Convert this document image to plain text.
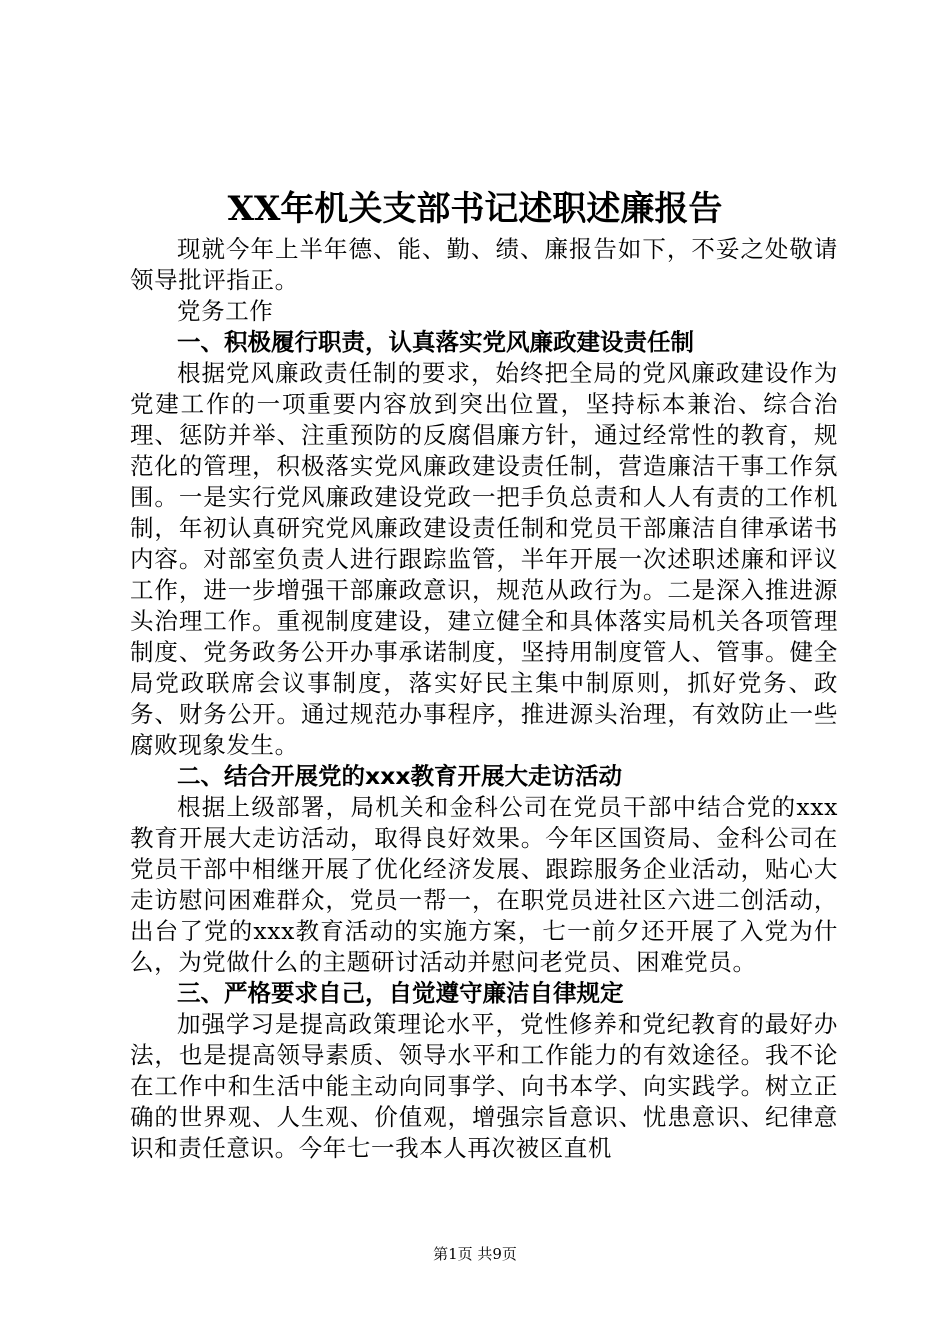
XX年机关支部书记述职述廉报告

现就今年上半年德、能、勤、绩、廉报告如下，不妥之处敬请领导批评指正。

党务工作

一、积极履行职责，认真落实党风廉政建设责任制

根据党风廉政责任制的要求，始终把全局的党风廉政建设作为党建工作的一项重要内容放到突出位置，坚持标本兼治、综合治理、惩防并举、注重预防的反腐倡廉方针，通过经常性的教育，规范化的管理，积极落实党风廉政建设责任制，营造廉洁干事工作氛围。一是实行党风廉政建设党政一把手负总责和人人有责的工作机制，年初认真研究党风廉政建设责任制和党员干部廉洁自律承诺书内容。对部室负责人进行跟踪监管，半年开展一次述职述廉和评议工作，进一步增强干部廉政意识，规范从政行为。二是深入推进源头治理工作。重视制度建设，建立健全和具体落实局机关各项管理制度、党务政务公开办事承诺制度，坚持用制度管人、管事。健全局党政联席会议事制度，落实好民主集中制原则，抓好党务、政务、财务公开。通过规范办事程序，推进源头治理，有效防止一些腐败现象发生。

二、结合开展党的xxx教育开展大走访活动

根据上级部署，局机关和金科公司在党员干部中结合党的xxx教育开展大走访活动，取得良好效果。今年区国资局、金科公司在党员干部中相继开展了优化经济发展、跟踪服务企业活动，贴心大走访慰问困难群众，党员一帮一，在职党员进社区六进二创活动，出台了党的xxx教育活动的实施方案，七一前夕还开展了入党为什么，为党做什么的主题研讨活动并慰问老党员、困难党员。

三、严格要求自己，自觉遵守廉洁自律规定

加强学习是提高政策理论水平，党性修养和党纪教育的最好办法，也是提高领导素质、领导水平和工作能力的有效途径。我不论在工作中和生活中能主动向同事学、向书本学、向实践学。树立正确的世界观、人生观、价值观，增强宗旨意识、忧患意识、纪律意识和责任意识。今年七一我本人再次被区直机

第1页 共9页
